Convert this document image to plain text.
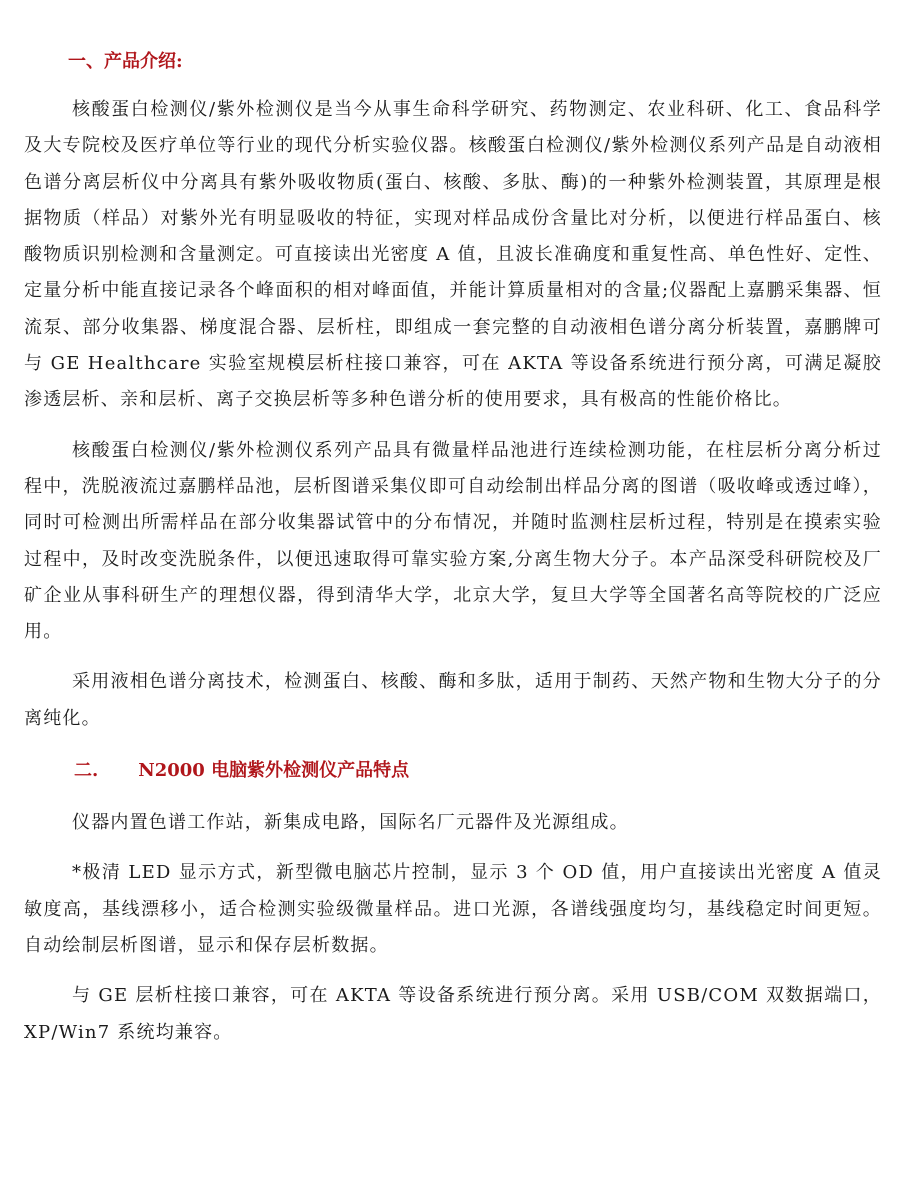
一、产品介绍:

核酸蛋白检测仪/紫外检测仪是当今从事生命科学研究、药物测定、农业科研、化工、食品科学及大专院校及医疗单位等行业的现代分析实验仪器。核酸蛋白检测仪/紫外检测仪系列产品是自动液相色谱分离层析仪中分离具有紫外吸收物质(蛋白、核酸、多肽、酶)的一种紫外检测装置，其原理是根据物质（样品）对紫外光有明显吸收的特征，实现对样品成份含量比对分析，以便进行样品蛋白、核酸物质识别检测和含量测定。可直接读出光密度 A 值，且波长准确度和重复性高、单色性好、定性、定量分析中能直接记录各个峰面积的相对峰面值，并能计算质量相对的含量;仪器配上嘉鹏采集器、恒流泵、部分收集器、梯度混合器、层析柱，即组成一套完整的自动液相色谱分离分析装置，嘉鹏牌可与 GE Healthcare 实验室规模层析柱接口兼容，可在 AKTA 等设备系统进行预分离，可满足凝胶渗透层析、亲和层析、离子交换层析等多种色谱分析的使用要求，具有极高的性能价格比。

核酸蛋白检测仪/紫外检测仪系列产品具有微量样品池进行连续检测功能，在柱层析分离分析过程中，洗脱液流过嘉鹏样品池，层析图谱采集仪即可自动绘制出样品分离的图谱（吸收峰或透过峰），同时可检测出所需样品在部分收集器试管中的分布情况，并随时监测柱层析过程，特别是在摸索实验过程中，及时改变洗脱条件，以便迅速取得可靠实验方案,分离生物大分子。本产品深受科研院校及厂矿企业从事科研生产的理想仪器，得到清华大学，北京大学，复旦大学等全国著名高等院校的广泛应用。

采用液相色谱分离技术，检测蛋白、核酸、酶和多肽，适用于制药、天然产物和生物大分子的分离纯化。

二. N2000 电脑紫外检测仪产品特点

仪器内置色谱工作站，新集成电路，国际名厂元器件及光源组成。

*极清 LED 显示方式，新型微电脑芯片控制，显示 3 个 OD 值，用户直接读出光密度 A 值灵敏度高，基线漂移小，适合检测实验级微量样品。进口光源，各谱线强度均匀，基线稳定时间更短。自动绘制层析图谱，显示和保存层析数据。

与 GE 层析柱接口兼容，可在 AKTA 等设备系统进行预分离。采用 USB/COM 双数据端口，XP/Win7 系统均兼容。
